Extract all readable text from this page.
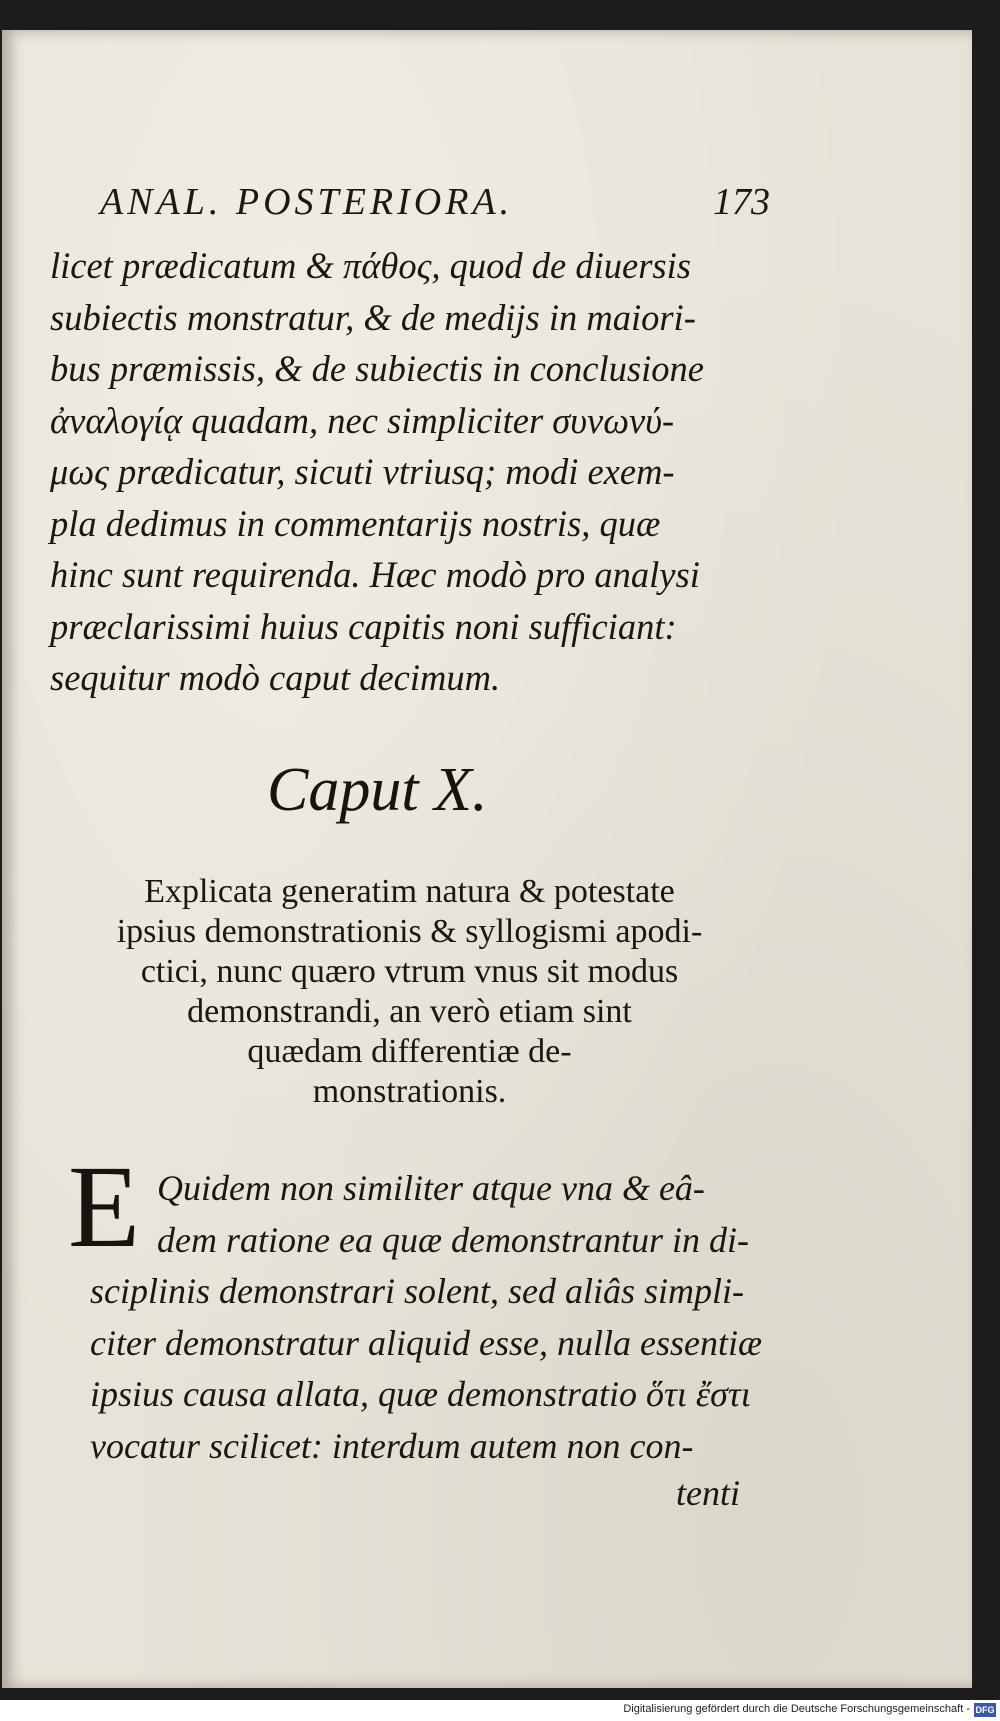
ANAL. POSTERIORA.	173
licet prædicatum & πάθος, quod de diuersis
subiectis monstratur, & de medijs in maiori-
bus præmissis, & de subiectis in conclusione
ἀναλογίᾳ quadam, nec simpliciter συνωνύ-
μως prædicatur, sicuti vtriusq; modi exem-
pla dedimus in commentarijs nostris, quæ
hinc sunt requirenda. Hæc modò pro analysi
præclarissimi huius capitis noni sufficiant:
sequitur modò caput decimum.
Caput X.
Explicata generatim natura & potestate
ipsius demonstrationis & syllogismi apodi-
ctici, nunc quæro vtrum vnus sit modus
demonstrandi, an verò etiam sint
quædam differentiæ de-
monstrationis.
E Quidem non similiter atque vna & eâ-
dem ratione ea quæ demonstrantur in di-
sciplinis demonstrari solent, sed aliâs simpli-
citer demonstratur aliquid esse, nulla essentiæ
ipsius causa allata, quæ demonstratio ὅτι ἔστι
vocatur scilicet: interdum autem non con-
tenti
Digitalisierung gefördert durch die Deutsche Forschungsgemeinschaft - DFG
